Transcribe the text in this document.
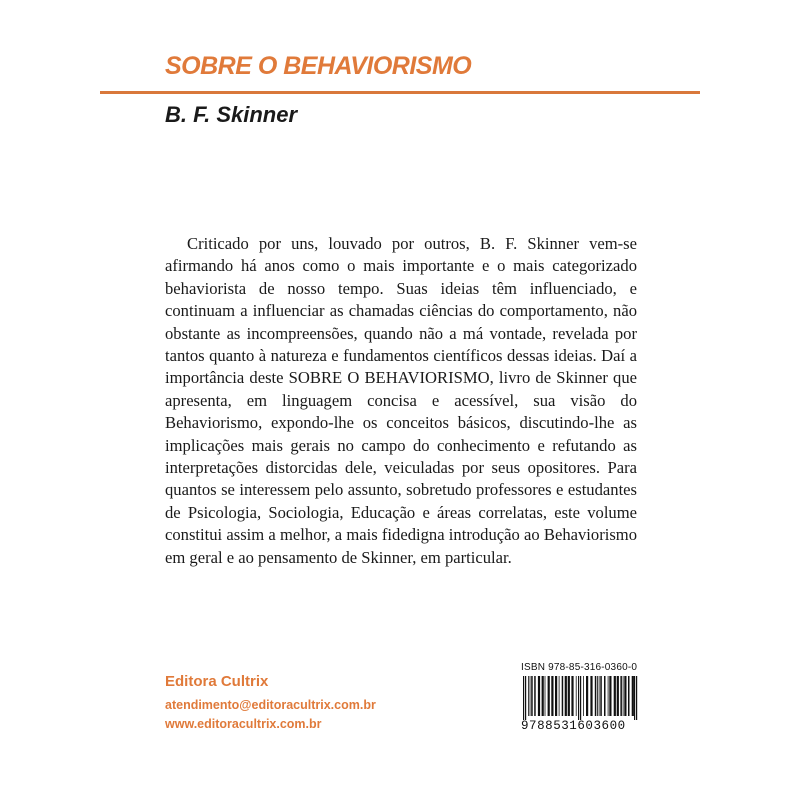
SOBRE O BEHAVIORISMO
B. F. Skinner

Criticado por uns, louvado por outros, B. F. Skinner vem-se afirmando há anos como o mais importante e o mais categorizado behaviorista de nosso tempo. Suas ideias têm influenciado, e continuam a influenciar as chamadas ciências do comportamento, não obstante as incompreensões, quando não a má vontade, revelada por tantos quanto à natureza e fundamentos científicos dessas ideias. Daí a importância deste SOBRE O BEHAVIORISMO, livro de Skinner que apresenta, em linguagem concisa e acessível, sua visão do Behaviorismo, expondo-lhe os conceitos básicos, discutindo-lhe as implicações mais gerais no campo do conhecimento e refutando as interpretações distorcidas dele, veiculadas por seus opositores. Para quantos se interessem pelo assunto, sobretudo professores e estudantes de Psicologia, Sociologia, Educação e áreas correlatas, este volume constitui assim a melhor, a mais fidedigna introdução ao Behaviorismo em geral e ao pensamento de Skinner, em particular.

Editora Cultrix
atendimento@editoracultrix.com.br
www.editoracultrix.com.br
ISBN 978-85-316-0360-0
9788531603600
